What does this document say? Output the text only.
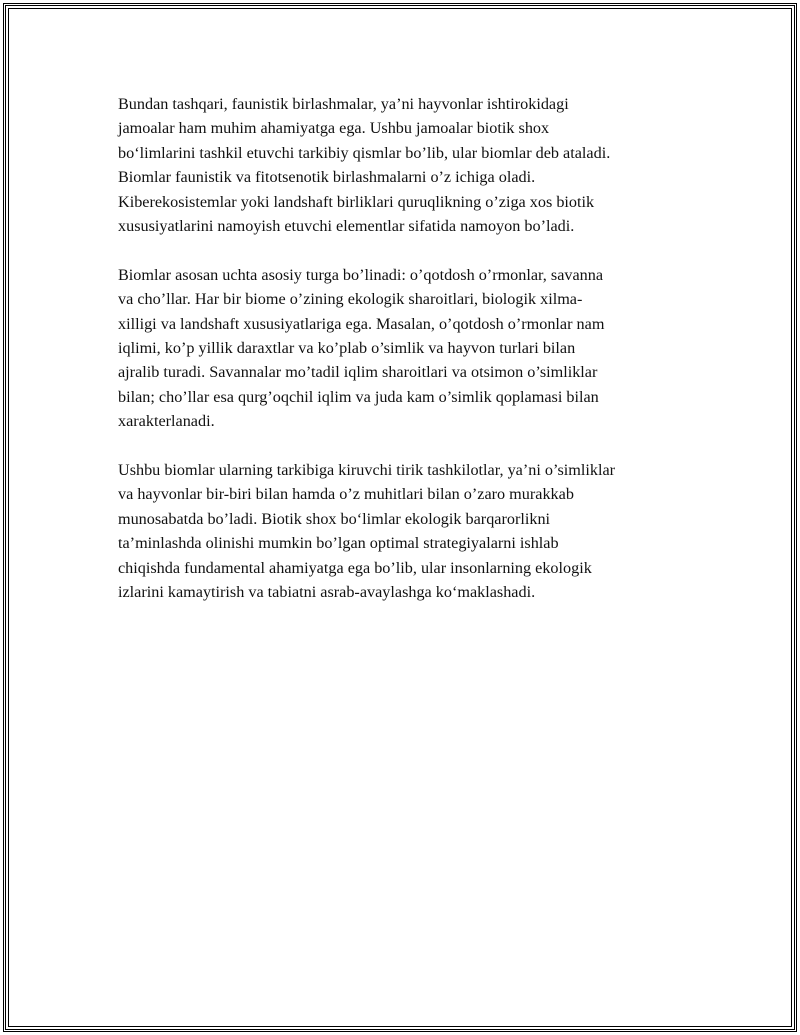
Bundan tashqari, faunistik birlashmalar, ya’ni hayvonlar ishtirokidagi
jamoalar ham muhim ahamiyatga ega. Ushbu jamoalar biotik shox
bo‘limlarini tashkil etuvchi tarkibiy qismlar bo’lib, ular biomlar deb ataladi.
Biomlar faunistik va fitotsenotik birlashmalarni o’z ichiga oladi.
Kiberekosistemlar yoki landshaft birliklari quruqlikning o’ziga xos biotik
xususiyatlarini namoyish etuvchi elementlar sifatida namoyon bo’ladi.

Biomlar asosan uchta asosiy turga bo’linadi: o’qotdosh o’rmonlar, savanna
va cho’llar. Har bir biome o’zining ekologik sharoitlari, biologik xilma-
xilligi va landshaft xususiyatlariga ega. Masalan, o’qotdosh o’rmonlar nam
iqlimi, ko’p yillik daraxtlar va ko’plab o’simlik va hayvon turlari bilan
ajralib turadi. Savannalar mo’tadil iqlim sharoitlari va otsimon o’simliklar
bilan; cho’llar esa qurg’oqchil iqlim va juda kam o’simlik qoplamasi bilan
xarakterlanadi.

Ushbu biomlar ularning tarkibiga kiruvchi tirik tashkilotlar, ya’ni o’simliklar
va hayvonlar bir-biri bilan hamda o’z muhitlari bilan o’zaro murakkab
munosabatda bo’ladi. Biotik shox bo‘limlar ekologik barqarorlikni
ta’minlashda olinishi mumkin bo’lgan optimal strategiyalarni ishlab
chiqishda fundamental ahamiyatga ega bo’lib, ular insonlarning ekologik
izlarini kamaytirish va tabiatni asrab-avaylashga ko‘maklashadi.
